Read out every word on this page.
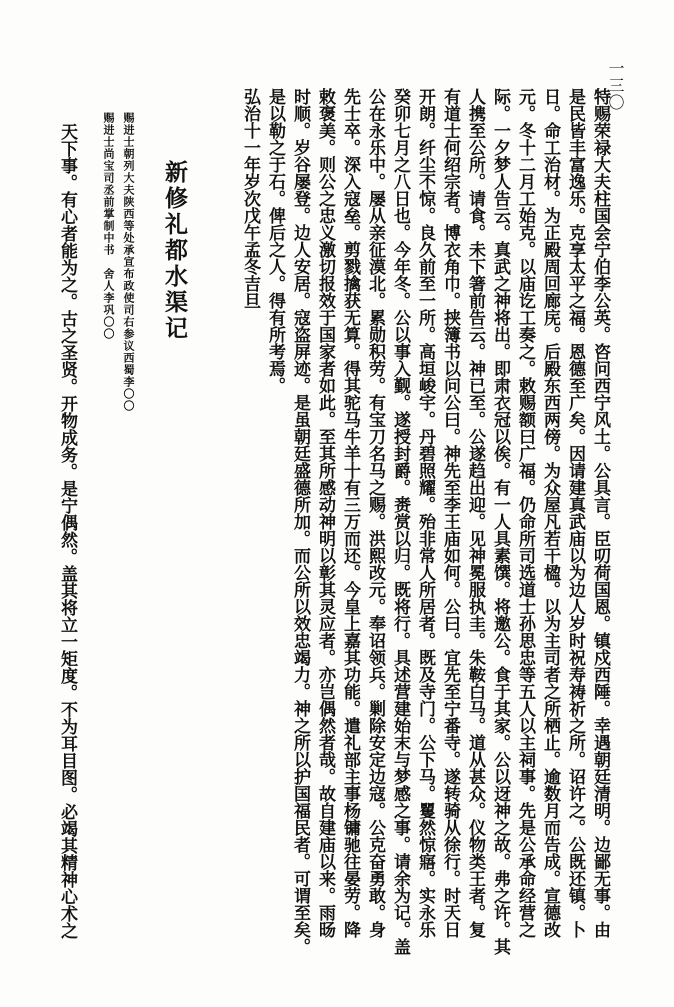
一三〇
特赐荣禄大夫柱国会宁伯李公英。咨问西宁风土。公具言。臣叨荷国恩。镇戍西陲。幸遇朝廷清明。边鄙无事。由
是民皆丰富逸乐。克享太平之福。恩德至广矣。因请建真武庙以为边人岁时祝寿祷祈之所。诏许之。公既还镇。卜
日。命工治材。为正殿周回廊庑。后殿东西两傍。为众屋凡若干楹。以为主司者之所栖止。逾数月而告成。宣德改
元。冬十二月工始克。以庙讫工奏之。敕赐额曰广福。仍命所司选道士孙思忠等五人以主祠事。先是公承命经营之
际。一夕梦人告云。真武之神将出。即肃衣冠以俟。有一人具素馔。将邀公。食于其家。公以迓神之故。弗之许。其
人携至公所。请食。未下箸前告云。神已至。公遂趋出迎。见神冕服执圭。朱鞍白马。道从甚众。仪物类王者。复
有道士何绍宗者。博衣角巾。挟簿书以问公曰。神先至李王庙如何。公曰。宜先至宁番寺。遂转骑从徐行。时天日
开朗。纤尘不惊。良久前至一所。高垣峻宇。丹碧照耀。殆非常人所居者。既及寺门。公下马。矍然惊寤。实永乐
癸卯七月之八日也。今年冬。公以事入觐。遂授封爵。赉赏以归。既将行。具述营建始末与梦感之事。请余为记。盖
公在永乐中。屡从亲征漠北。累勋积劳。有宝刀名马之赐。洪熙改元。奉诏领兵。剿除安定边寇。公克奋勇敢。身
先士卒。深入寇垒。剪戮擒获无算。得其驼马牛羊十有三万而还。今皇上嘉其功能。遣礼部主事杨镛驰往晏劳。降
敕褒美。则公之忠义激切报效于国家者如此。至其所感动神明以彰其灵应者。亦岂偶然者哉。故自建庙以来。雨旸
时顺。岁谷屡登。边人安居。寇盗屏迹。是虽朝廷盛德所加。而公所以效忠竭力。神之所以护国福民者。可谓至矣。
是以勒之于石。俾后之人。得有所考焉。
弘治十一年岁次戊午孟冬吉旦
新修礼都水渠记
赐进士朝列大夫陕西等处承宣布政使司右参议西蜀李〇〇
赐进士尚宝司丞前掌制中书　舍人李巩〇〇
天下事。有心者能为之。古之圣贤。开物成务。是宁偶然。盖其将立一矩度。不为耳目图。必竭其精神心术之
